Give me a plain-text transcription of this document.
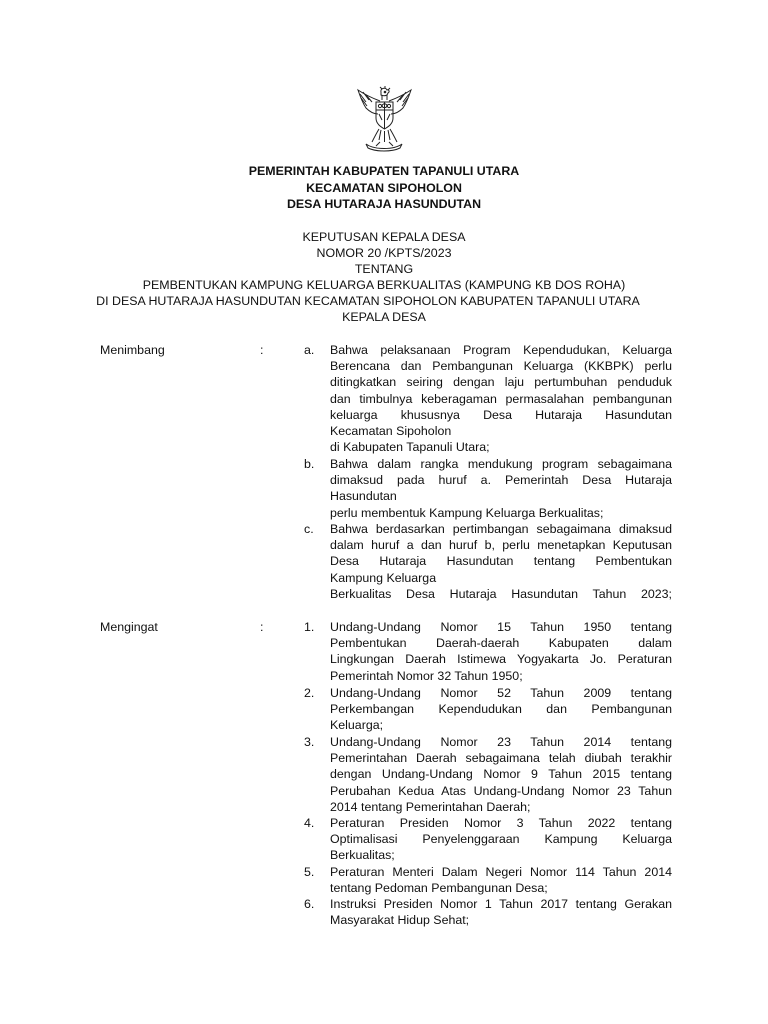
PEMERINTAH KABUPATEN TAPANULI UTARA
KECAMATAN SIPOHOLON
DESA HUTARAJA HASUNDUTAN
KEPUTUSAN KEPALA DESA
NOMOR 20 /KPTS/2023
TENTANG
PEMBENTUKAN KAMPUNG KELUARGA BERKUALITAS (KAMPUNG KB DOS ROHA)
DI DESA HUTARAJA HASUNDUTAN KECAMATAN SIPOHOLON KABUPATEN TAPANULI UTARA
KEPALA DESA
Menimbang	:	a.	Bahwa pelaksanaan Program Kependudukan, Keluarga
Berencana dan Pembangunan Keluarga (KKBPK) perlu
ditingkatkan seiring dengan laju pertumbuhan penduduk
dan timbulnya keberagaman permasalahan pembangunan
keluarga khususnya Desa Hutaraja Hasundutan
Kecamatan Sipoholon
di Kabupaten Tapanuli Utara;
b.	Bahwa dalam rangka mendukung program sebagaimana
dimaksud pada huruf a. Pemerintah Desa Hutaraja
Hasundutan
perlu membentuk Kampung Keluarga Berkualitas;
c.	Bahwa berdasarkan pertimbangan sebagaimana dimaksud
dalam huruf a dan huruf b, perlu menetapkan Keputusan
Desa Hutaraja Hasundutan tentang Pembentukan
Kampung Keluarga
Berkualitas Desa Hutaraja Hasundutan Tahun 2023;
Mengingat	:	1.	Undang-Undang Nomor 15 Tahun 1950 tentang
Pembentukan Daerah-daerah Kabupaten dalam
Lingkungan Daerah Istimewa Yogyakarta Jo. Peraturan
Pemerintah Nomor 32 Tahun 1950;
2.	Undang-Undang Nomor 52 Tahun 2009 tentang
Perkembangan Kependudukan dan Pembangunan
Keluarga;
3.	Undang-Undang Nomor 23 Tahun 2014 tentang
Pemerintahan Daerah sebagaimana telah diubah terakhir
dengan Undang-Undang Nomor 9 Tahun 2015 tentang
Perubahan Kedua Atas Undang-Undang Nomor 23 Tahun
2014 tentang Pemerintahan Daerah;
4.	Peraturan Presiden Nomor 3 Tahun 2022 tentang
Optimalisasi Penyelenggaraan Kampung Keluarga
Berkualitas;
5.	Peraturan Menteri Dalam Negeri Nomor 114 Tahun 2014
tentang Pedoman Pembangunan Desa;
6.	Instruksi Presiden Nomor 1 Tahun 2017 tentang Gerakan
Masyarakat Hidup Sehat;
